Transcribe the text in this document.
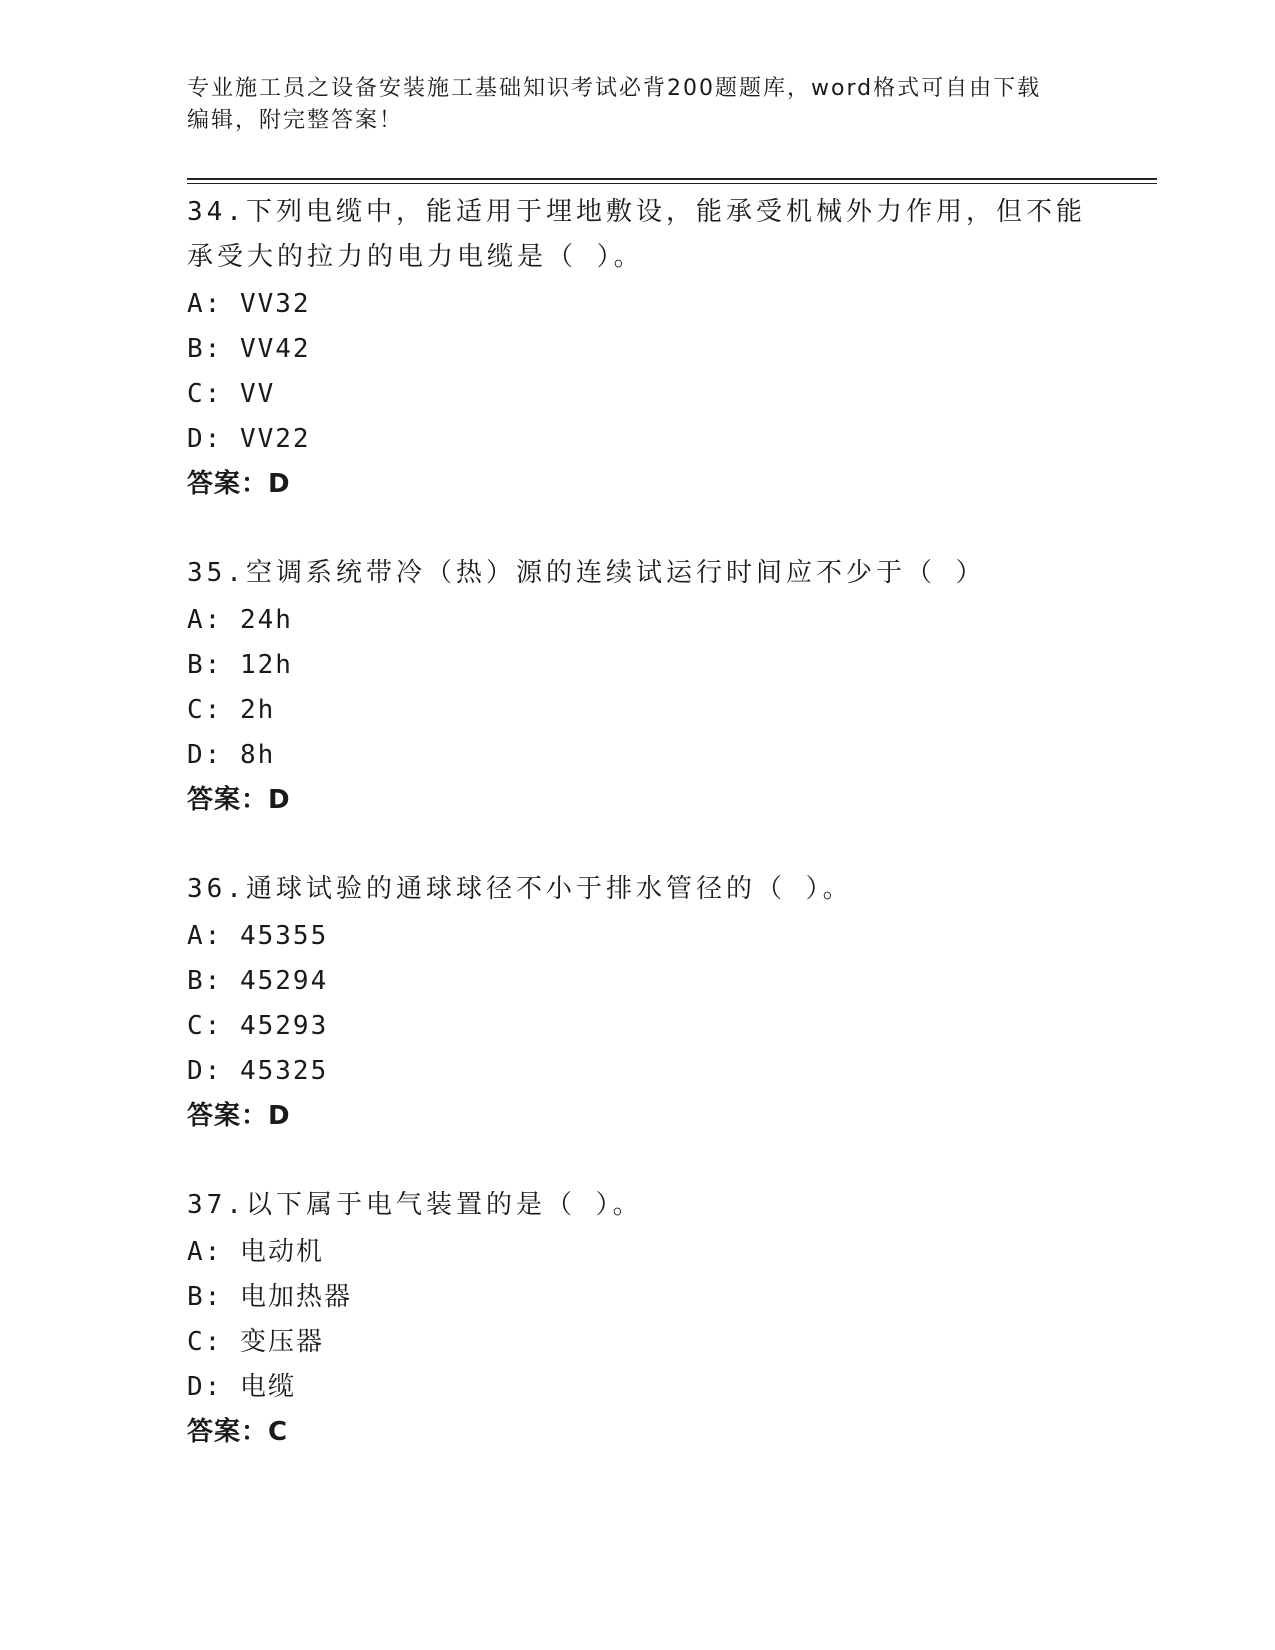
专业施工员之设备安装施工基础知识考试必背200题题库，word格式可自由下载
编辑，附完整答案！

34.下列电缆中，能适用于埋地敷设，能承受机械外力作用，但不能承受大的拉力的电力电缆是（ ）。

A: VV32

B: VV42

C: VV

D: VV22

答案：D

35.空调系统带冷（热）源的连续试运行时间应不少于（ ）

A: 24h

B: 12h

C: 2h

D: 8h

答案：D

36.通球试验的通球球径不小于排水管径的（ ）。

A: 45355

B: 45294

C: 45293

D: 45325

答案：D

37.以下属于电气装置的是（ ）。

A: 电动机

B: 电加热器

C: 变压器

D: 电缆

答案：C
